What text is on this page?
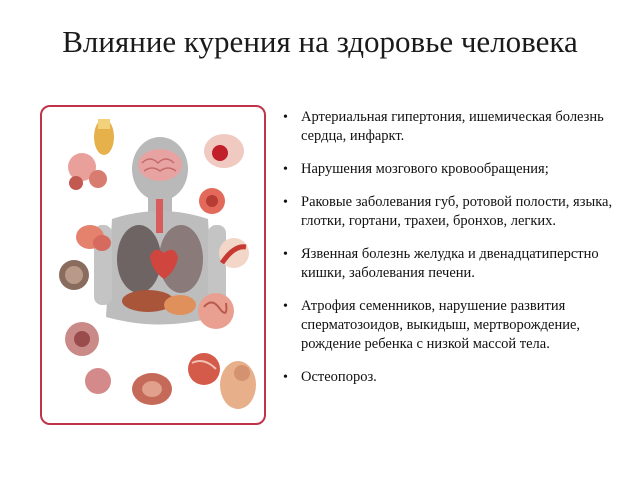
Влияние курения на здоровье человека
• Артериальная гипертония, ишемическая болезнь сердца, инфаркт.
• Нарушения мозгового кровообращения;
• Раковые заболевания губ, ротовой полости, языка, глотки, гортани, трахеи, бронхов, легких.
• Язвенная болезнь желудка и двенадцатиперстно кишки, заболевания печени.
• Атрофия семенников, нарушение развития сперматозоидов, выкидыш, мертворождение, рождение ребенка с низкой массой тела.
• Остеопороз.
